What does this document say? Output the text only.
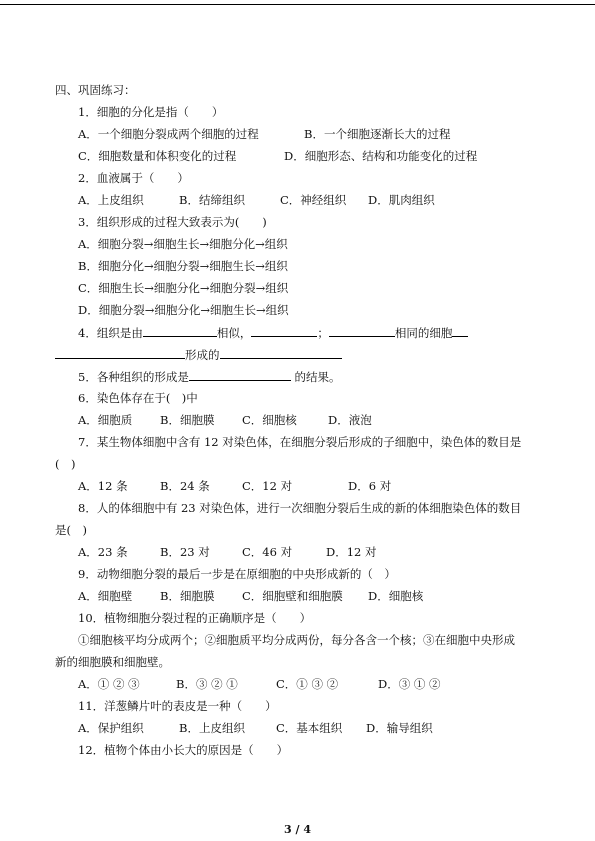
四、巩固练习：
1．细胞的分化是指（　　）
A．一个细胞分裂成两个细胞的过程	B．一个细胞逐渐长大的过程
C．细胞数量和体积变化的过程	D．细胞形态、结构和功能变化的过程
2．血液属于（　　）
A．上皮组织	B．结缔组织	C．神经组织 D．肌肉组织
3．组织形成的过程大致表示为(　　)
A．细胞分裂→细胞生长→细胞分化→组织
B．细胞分化→细胞分裂→细胞生长→组织
C．细胞生长→细胞分化→细胞分裂→组织
D．细胞分裂→细胞分化→细胞生长→组织
4．组织是由	相似，	；	相同的细胞
形成的
5．各种组织的形成是	的结果。
6．染色体存在于(　)中
A．细胞质 B．细胞膜 C．细胞核	D．液泡
7．某生物体细胞中含有 12 对染色体，在细胞分裂后形成的子细胞中，染色体的数目是
(　)
A．12 条	B．24 条	C．12 对	D．6 对
8．人的体细胞中有 23 对染色体，进行一次细胞分裂后生成的新的体细胞染色体的数目
是(　)
A．23 条	B．23 对	C．46 对	D．12 对
9．动物细胞分裂的最后一步是在原细胞的中央形成新的（　）
A．细胞壁 B．细胞膜 C．细胞壁和细胞膜 D．细胞核
10．植物细胞分裂过程的正确顺序是（　　）
①细胞核平均分成两个；②细胞质平均分成两份，每分各含一个核；③在细胞中央形成
新的细胞膜和细胞壁。
A．① ② ③	B．③ ② ①	C．① ③ ②	D．③ ① ②
11．洋葱鳞片叶的表皮是一种（　　）
A．保护组织	B．上皮组织	C．基本组织 D．输导组织
12．植物个体由小长大的原因是（　　）
3 / 4
